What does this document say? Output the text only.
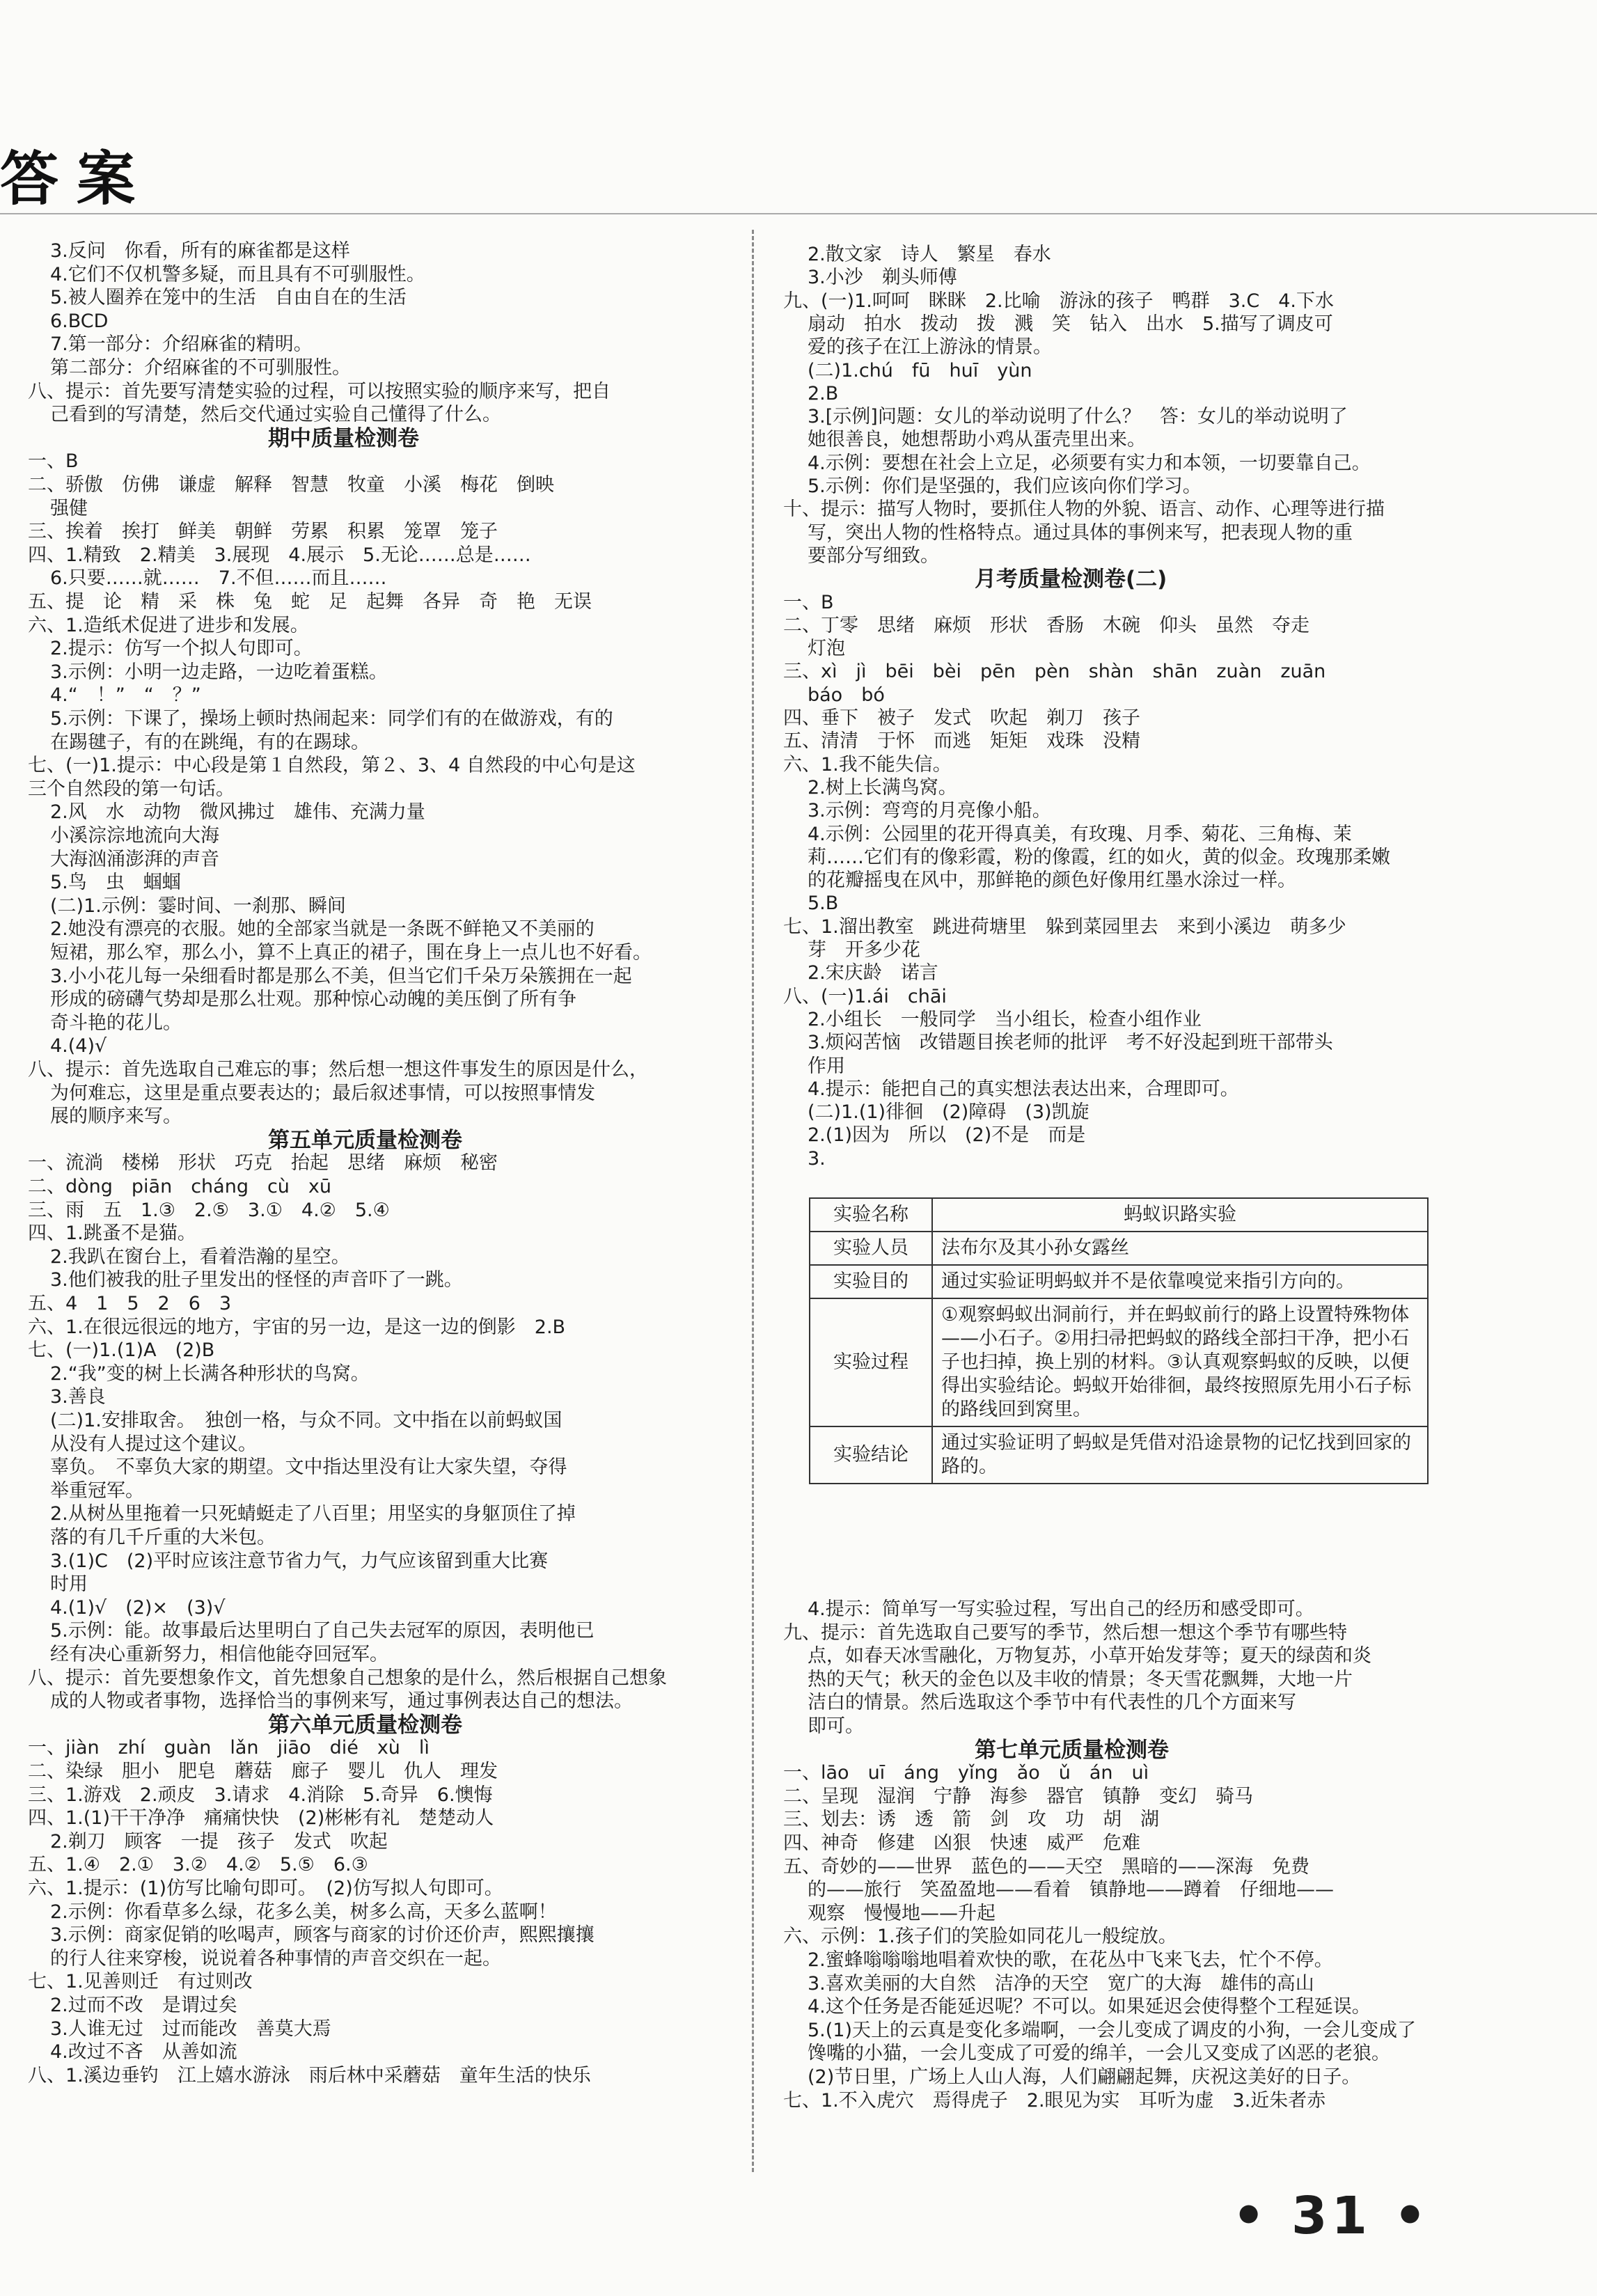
答案
3.反问　你看，所有的麻雀都是这样
4.它们不仅机警多疑，而且具有不可驯服性。
5.被人圈养在笼中的生活　自由自在的生活
6.BCD
7.第一部分：介绍麻雀的精明。
第二部分：介绍麻雀的不可驯服性。
八、提示：首先要写清楚实验的过程，可以按照实验的顺序来写，把自
己看到的写清楚，然后交代通过实验自己懂得了什么。
期中质量检测卷
一、B
二、骄傲　仿佛　谦虚　解释　智慧　牧童　小溪　梅花　倒映
强健
三、挨着　挨打　鲜美　朝鲜　劳累　积累　笼罩　笼子
四、1.精致　2.精美　3.展现　4.展示　5.无论……总是……
6.只要……就……　7.不但……而且……
五、提　论　精　采　株　兔　蛇　足　起舞　各异　奇　艳　无误
六、1.造纸术促进了进步和发展。
2.提示：仿写一个拟人句即可。
3.示例：小明一边走路，一边吃着蛋糕。
4.“　！”　“　？”
5.示例：下课了，操场上顿时热闹起来：同学们有的在做游戏，有的
在踢毽子，有的在跳绳，有的在踢球。
七、(一)1.提示：中心段是第１自然段，第２、3、4 自然段的中心句是这
三个自然段的第一句话。
2.风　水　动物　微风拂过　雄伟、充满力量
小溪淙淙地流向大海
大海汹涌澎湃的声音
5.鸟　虫　蝈蝈
(二)1.示例：霎时间、一刹那、瞬间
2.她没有漂亮的衣服。她的全部家当就是一条既不鲜艳又不美丽的
短裙，那么窄，那么小，算不上真正的裙子，围在身上一点儿也不好看。
3.小小花儿每一朵细看时都是那么不美，但当它们千朵万朵簇拥在一起
形成的磅礴气势却是那么壮观。那种惊心动魄的美压倒了所有争
奇斗艳的花儿。
4.(4)√
八、提示：首先选取自己难忘的事；然后想一想这件事发生的原因是什么，
为何难忘，这里是重点要表达的；最后叙述事情，可以按照事情发
展的顺序来写。
第五单元质量检测卷
一、流淌　楼梯　形状　巧克　抬起　思绪　麻烦　秘密
二、dòng　piān　cháng　cù　xū
三、雨　五　1.③　2.⑤　3.①　4.②　5.④
四、1.跳蚤不是猫。
2.我趴在窗台上，看着浩瀚的星空。
3.他们被我的肚子里发出的怪怪的声音吓了一跳。
五、4　1　5　2　6　3
六、1.在很远很远的地方，宇宙的另一边，是这一边的倒影　2.B
七、(一)1.(1)A　(2)B
2.“我”变的树上长满各种形状的鸟窝。
3.善良
(二)1.安排取舍。　独创一格，与众不同。文中指在以前蚂蚁国
从没有人提过这个建议。
辜负。　不辜负大家的期望。文中指达里没有让大家失望，夺得
举重冠军。
2.从树丛里拖着一只死蜻蜓走了八百里；用坚实的身躯顶住了掉
落的有几千斤重的大米包。
3.(1)C　(2)平时应该注意节省力气，力气应该留到重大比赛
时用
4.(1)√　(2)×　(3)√
5.示例：能。故事最后达里明白了自己失去冠军的原因，表明他已
经有决心重新努力，相信他能夺回冠军。
八、提示：首先要想象作文，首先想象自己想象的是什么，然后根据自己想象
成的人物或者事物，选择恰当的事例来写，通过事例表达自己的想法。
第六单元质量检测卷
一、jiàn　zhí　guàn　lǎn　jiāo　dié　xù　lì
二、染绿　胆小　肥皂　蘑菇　廊子　婴儿　仇人　理发
三、1.游戏　2.顽皮　3.请求　4.消除　5.奇异　6.懊悔
四、1.(1)干干净净　痛痛快快　(2)彬彬有礼　楚楚动人
2.剃刀　顾客　一提　孩子　发式　吹起
五、1.④　2.①　3.②　4.②　5.⑤　6.③
六、1.提示：(1)仿写比喻句即可。　(2)仿写拟人句即可。
2.示例：你看草多么绿，花多么美，树多么高，天多么蓝啊！
3.示例：商家促销的吆喝声，顾客与商家的讨价还价声，熙熙攘攘
的行人往来穿梭，说说着各种事情的声音交织在一起。
七、1.见善则迁　有过则改
2.过而不改　是谓过矣
3.人谁无过　过而能改　善莫大焉
4.改过不吝　从善如流
八、1.溪边垂钓　江上嬉水游泳　雨后林中采蘑菇　童年生活的快乐
2.散文家　诗人　繁星　春水
3.小沙　剃头师傅
九、(一)1.呵呵　眯眯　2.比喻　游泳的孩子　鸭群　3.C　4.下水
扇动　拍水　拨动　拨　溅　笑　钻入　出水　5.描写了调皮可
爱的孩子在江上游泳的情景。
(二)1.chú　fū　huī　yùn
2.B
3.[示例]问题：女儿的举动说明了什么？　答：女儿的举动说明了
她很善良，她想帮助小鸡从蛋壳里出来。
4.示例：要想在社会上立足，必须要有实力和本领，一切要靠自己。
5.示例：你们是坚强的，我们应该向你们学习。
十、提示：描写人物时，要抓住人物的外貌、语言、动作、心理等进行描
写，突出人物的性格特点。通过具体的事例来写，把表现人物的重
要部分写细致。
月考质量检测卷(二)
一、B
二、丁零　思绪　麻烦　形状　香肠　木碗　仰头　虽然　夺走
灯泡
三、xì　jì　bēi　bèi　pēn　pèn　shàn　shān　zuàn　zuān
báo　bó
四、垂下　被子　发式　吹起　剃刀　孩子
五、清清　于怀　而逃　矩矩　戏珠　没精
六、1.我不能失信。
2.树上长满鸟窝。
3.示例：弯弯的月亮像小船。
4.示例：公园里的花开得真美，有玫瑰、月季、菊花、三角梅、茉
莉……它们有的像彩霞，粉的像霞，红的如火，黄的似金。玫瑰那柔嫩
的花瓣摇曳在风中，那鲜艳的颜色好像用红墨水涂过一样。
5.B
七、1.溜出教室　跳进荷塘里　躲到菜园里去　来到小溪边　萌多少
芽　开多少花
2.宋庆龄　诺言
八、(一)1.ái　chāi
2.小组长　一般同学　当小组长，检查小组作业
3.烦闷苦恼　改错题目挨老师的批评　考不好没起到班干部带头
作用
4.提示：能把自己的真实想法表达出来，合理即可。
(二)1.(1)徘徊　(2)障碍　(3)凯旋
2.(1)因为　所以　(2)不是　而是
3.
实验名称	蚂蚁识路实验
实验人员	法布尔及其小孙女露丝
实验目的	通过实验证明蚂蚁并不是依靠嗅觉来指引方向的。
实验过程	①观察蚂蚁出洞前行，并在蚂蚁前行的路上设置特殊物体——小石子。②用扫帚把蚂蚁的路线全部扫干净，把小石子也扫掉，换上别的材料。③认真观察蚂蚁的反映，以便得出实验结论。蚂蚁开始徘徊，最终按照原先用小石子标的路线回到窝里。
实验结论	通过实验证明了蚂蚁是凭借对沿途景物的记忆找到回家的路的。
4.提示：简单写一写实验过程，写出自己的经历和感受即可。
九、提示：首先选取自己要写的季节，然后想一想这个季节有哪些特
点，如春天冰雪融化，万物复苏，小草开始发芽等；夏天的绿茵和炎
热的天气；秋天的金色以及丰收的情景；冬天雪花飘舞，大地一片
洁白的情景。然后选取这个季节中有代表性的几个方面来写
即可。
第七单元质量检测卷
一、lāo　uī　áng　yǐng　ǎo　ǔ　án　uì
二、呈现　湿润　宁静　海参　器官　镇静　变幻　骑马
三、划去：诱　透　箭　剑　攻　功　胡　湖
四、神奇　修建　凶狠　快速　威严　危难
五、奇妙的——世界　蓝色的——天空　黑暗的——深海　免费
的——旅行　笑盈盈地——看着　镇静地——蹲着　仔细地——
观察　慢慢地——升起
六、示例：1.孩子们的笑脸如同花儿一般绽放。
2.蜜蜂嗡嗡嗡地唱着欢快的歌，在花丛中飞来飞去，忙个不停。
3.喜欢美丽的大自然　洁净的天空　宽广的大海　雄伟的高山
4.这个任务是否能延迟呢？不可以。如果延迟会使得整个工程延误。
5.(1)天上的云真是变化多端啊，一会儿变成了调皮的小狗，一会儿变成了
馋嘴的小猫，一会儿变成了可爱的绵羊，一会儿又变成了凶恶的老狼。
(2)节日里，广场上人山人海，人们翩翩起舞，庆祝这美好的日子。
七、1.不入虎穴　焉得虎子　2.眼见为实　耳听为虚　3.近朱者赤
• 31 •
